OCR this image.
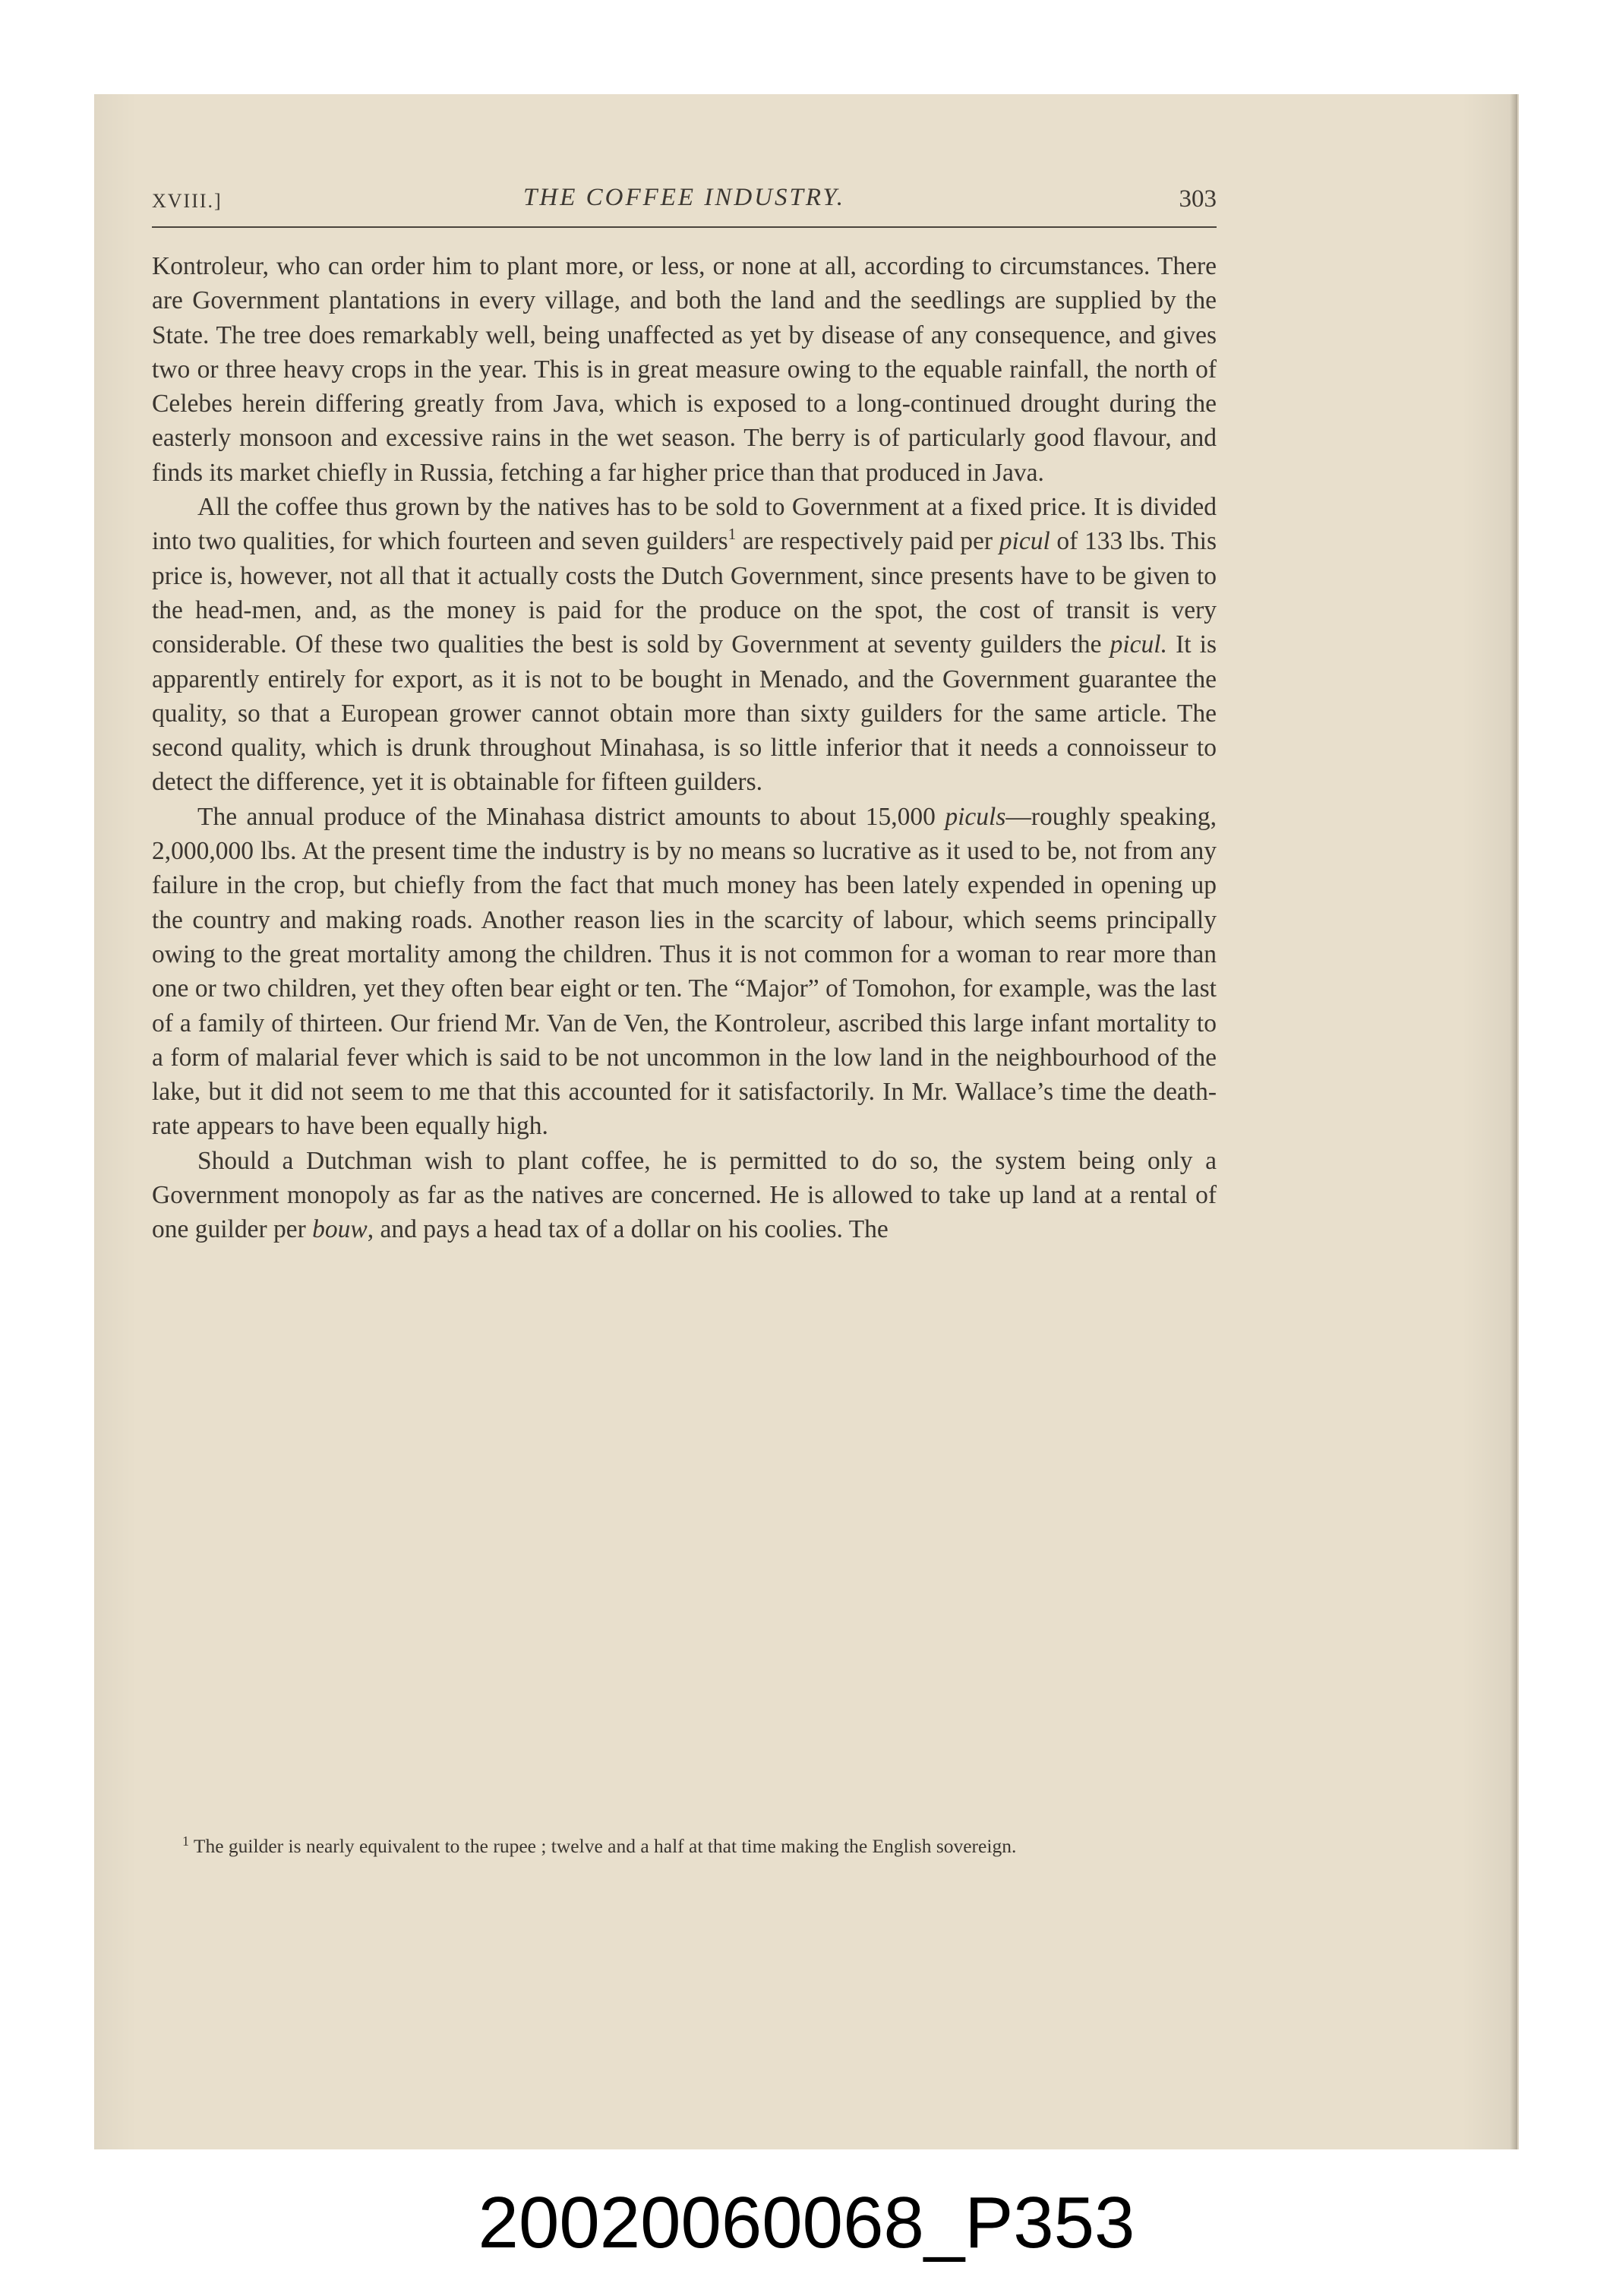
XVIII.]	THE COFFEE INDUSTRY.	303

Kontroleur, who can order him to plant more, or less, or none at all, according to circumstances. There are Government plantations in every village, and both the land and the seedlings are supplied by the State. The tree does remarkably well, being unaffected as yet by disease of any consequence, and gives two or three heavy crops in the year. This is in great measure owing to the equable rainfall, the north of Celebes herein differing greatly from Java, which is exposed to a long-continued drought during the easterly monsoon and excessive rains in the wet season. The berry is of particularly good flavour, and finds its market chiefly in Russia, fetching a far higher price than that produced in Java.

All the coffee thus grown by the natives has to be sold to Government at a fixed price. It is divided into two qualities, for which fourteen and seven guilders$^1$ are respectively paid per picul of 133 lbs. This price is, however, not all that it actually costs the Dutch Government, since presents have to be given to the head-men, and, as the money is paid for the produce on the spot, the cost of transit is very considerable. Of these two qualities the best is sold by Government at seventy guilders the picul. It is apparently entirely for export, as it is not to be bought in Menado, and the Government guarantee the quality, so that a European grower cannot obtain more than sixty guilders for the same article. The second quality, which is drunk throughout Minahasa, is so little inferior that it needs a connoisseur to detect the difference, yet it is obtainable for fifteen guilders.

The annual produce of the Minahasa district amounts to about 15,000 piculs—roughly speaking, 2,000,000 lbs. At the present time the industry is by no means so lucrative as it used to be, not from any failure in the crop, but chiefly from the fact that much money has been lately expended in opening up the country and making roads. Another reason lies in the scarcity of labour, which seems principally owing to the great mortality among the children. Thus it is not common for a woman to rear more than one or two children, yet they often bear eight or ten. The “Major” of Tomohon, for example, was the last of a family of thirteen. Our friend Mr. Van de Ven, the Kontroleur, ascribed this large infant mortality to a form of malarial fever which is said to be not uncommon in the low land in the neighbourhood of the lake, but it did not seem to me that this accounted for it satisfactorily. In Mr. Wallace’s time the death-rate appears to have been equally high.

Should a Dutchman wish to plant coffee, he is permitted to do so, the system being only a Government monopoly as far as the natives are concerned. He is allowed to take up land at a rental of one guilder per bouw, and pays a head tax of a dollar on his coolies. The

$^1$ The guilder is nearly equivalent to the rupee ; twelve and a half at that time making the English sovereign.
20020060068_P353
